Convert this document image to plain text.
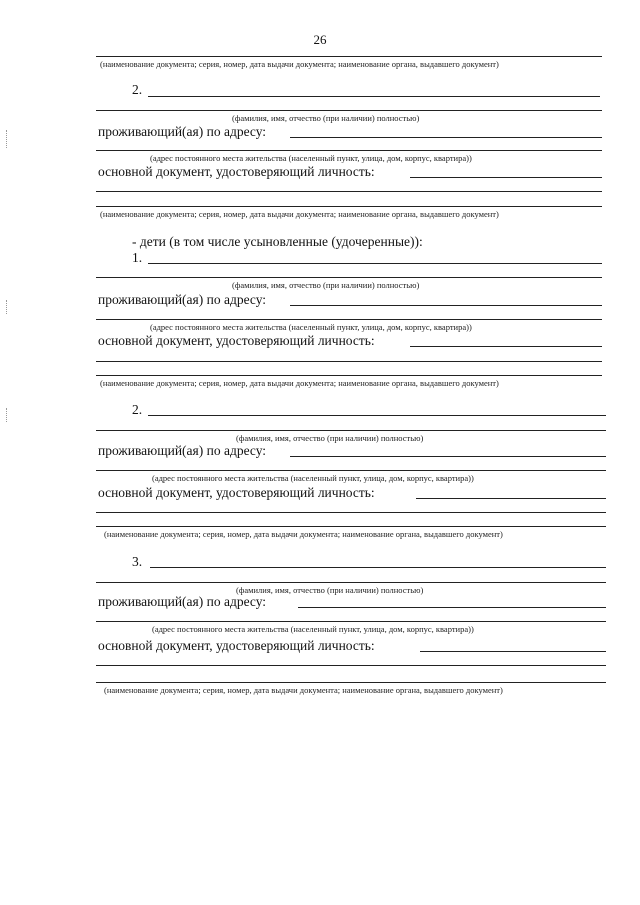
26
(наименование документа; серия, номер, дата выдачи документа; наименование органа, выдавшего документ)
2.
(фамилия, имя, отчество (при наличии) полностью)
проживающий(ая) по адресу:
(адрес постоянного места жительства (населенный пункт, улица, дом, корпус, квартира))
основной документ, удостоверяющий личность:
(наименование документа; серия, номер, дата выдачи документа; наименование органа, выдавшего документ)
- дети (в том числе усыновленные (удочеренные)):
1.
(фамилия, имя, отчество (при наличии) полностью)
проживающий(ая) по адресу:
(адрес постоянного места жительства (населенный пункт, улица, дом, корпус, квартира))
основной документ, удостоверяющий личность:
(наименование документа; серия, номер, дата выдачи документа; наименование органа, выдавшего документ)
2.
(фамилия, имя, отчество (при наличии) полностью)
проживающий(ая) по адресу:
(адрес постоянного места жительства (населенный пункт, улица, дом, корпус, квартира))
основной документ, удостоверяющий личность:
(наименование документа; серия, номер, дата выдачи документа; наименование органа, выдавшего документ)
3.
(фамилия, имя, отчество (при наличии) полностью)
проживающий(ая) по адресу:
(адрес постоянного места жительства (населенный пункт, улица, дом, корпус, квартира))
основной документ, удостоверяющий личность:
(наименование документа; серия, номер, дата выдачи документа; наименование органа, выдавшего документ)
